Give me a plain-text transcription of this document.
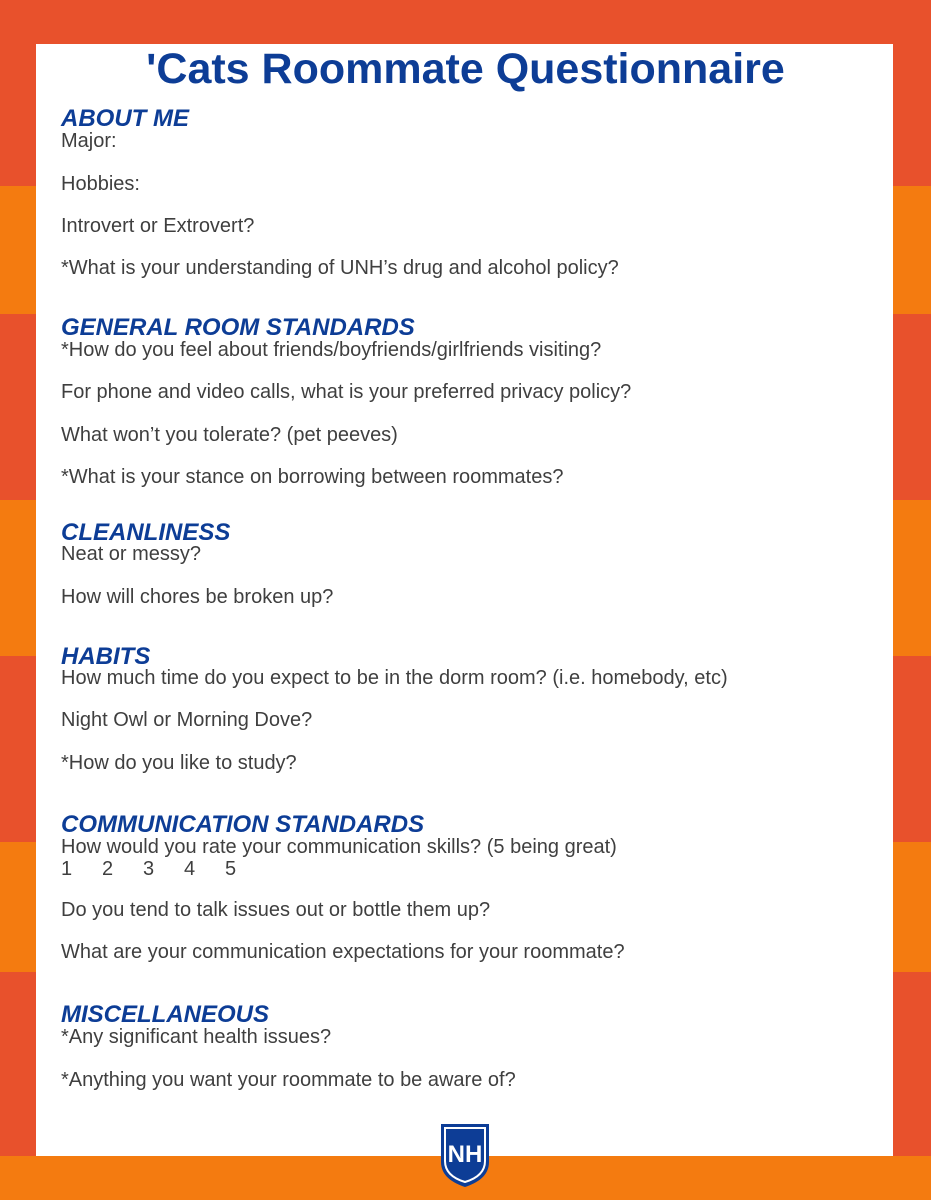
'Cats Roommate Questionnaire
ABOUT ME

Major:

Hobbies:

Introvert or Extrovert?

*What is your understanding of UNH’s drug and alcohol policy?

GENERAL ROOM STANDARDS

*How do you feel about friends/boyfriends/girlfriends visiting?

For phone and video calls, what is your preferred privacy policy?

What won’t you tolerate? (pet peeves)

*What is your stance on borrowing between roommates?

CLEANLINESS

Neat or messy?

How will chores be broken up?

HABITS

How much time do you expect to be in the dorm room? (i.e. homebody, etc)

Night Owl or Morning Dove?

*How do you like to study?

COMMUNICATION STANDARDS

How would you rate your communication skills? (5 being great)

1	2	3	4	5

Do you tend to talk issues out or bottle them up?

What are your communication expectations for your roommate?

MISCELLANEOUS

*Any significant health issues?

*Anything you want your roommate to be aware of?

NH
